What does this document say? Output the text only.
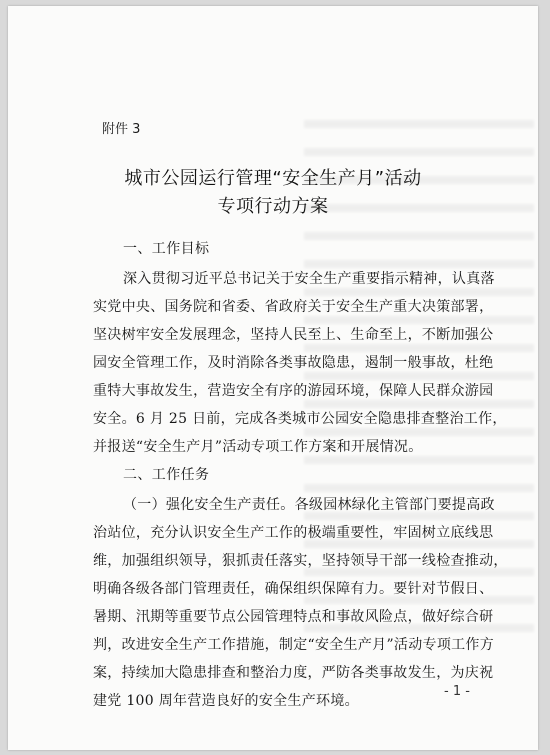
附件 3
城市公园运行管理“安全生产月”活动
专项行动方案
一、工作目标
深入贯彻习近平总书记关于安全生产重要指示精神，认真落
实党中央、国务院和省委、省政府关于安全生产重大决策部署，
坚决树牢安全发展理念，坚持人民至上、生命至上，不断加强公
园安全管理工作，及时消除各类事故隐患，遏制一般事故，杜绝
重特大事故发生，营造安全有序的游园环境，保障人民群众游园
安全。6 月 25 日前，完成各类城市公园安全隐患排查整治工作，
并报送“安全生产月”活动专项工作方案和开展情况。
二、工作任务
（一）强化安全生产责任。各级园林绿化主管部门要提高政
治站位，充分认识安全生产工作的极端重要性，牢固树立底线思
维，加强组织领导，狠抓责任落实，坚持领导干部一线检查推动，
明确各级各部门管理责任，确保组织保障有力。要针对节假日、
暑期、汛期等重要节点公园管理特点和事故风险点，做好综合研
判，改进安全生产工作措施，制定“安全生产月”活动专项工作方
案，持续加大隐患排查和整治力度，严防各类事故发生，为庆祝
建党 100 周年营造良好的安全生产环境。
- 1 -
